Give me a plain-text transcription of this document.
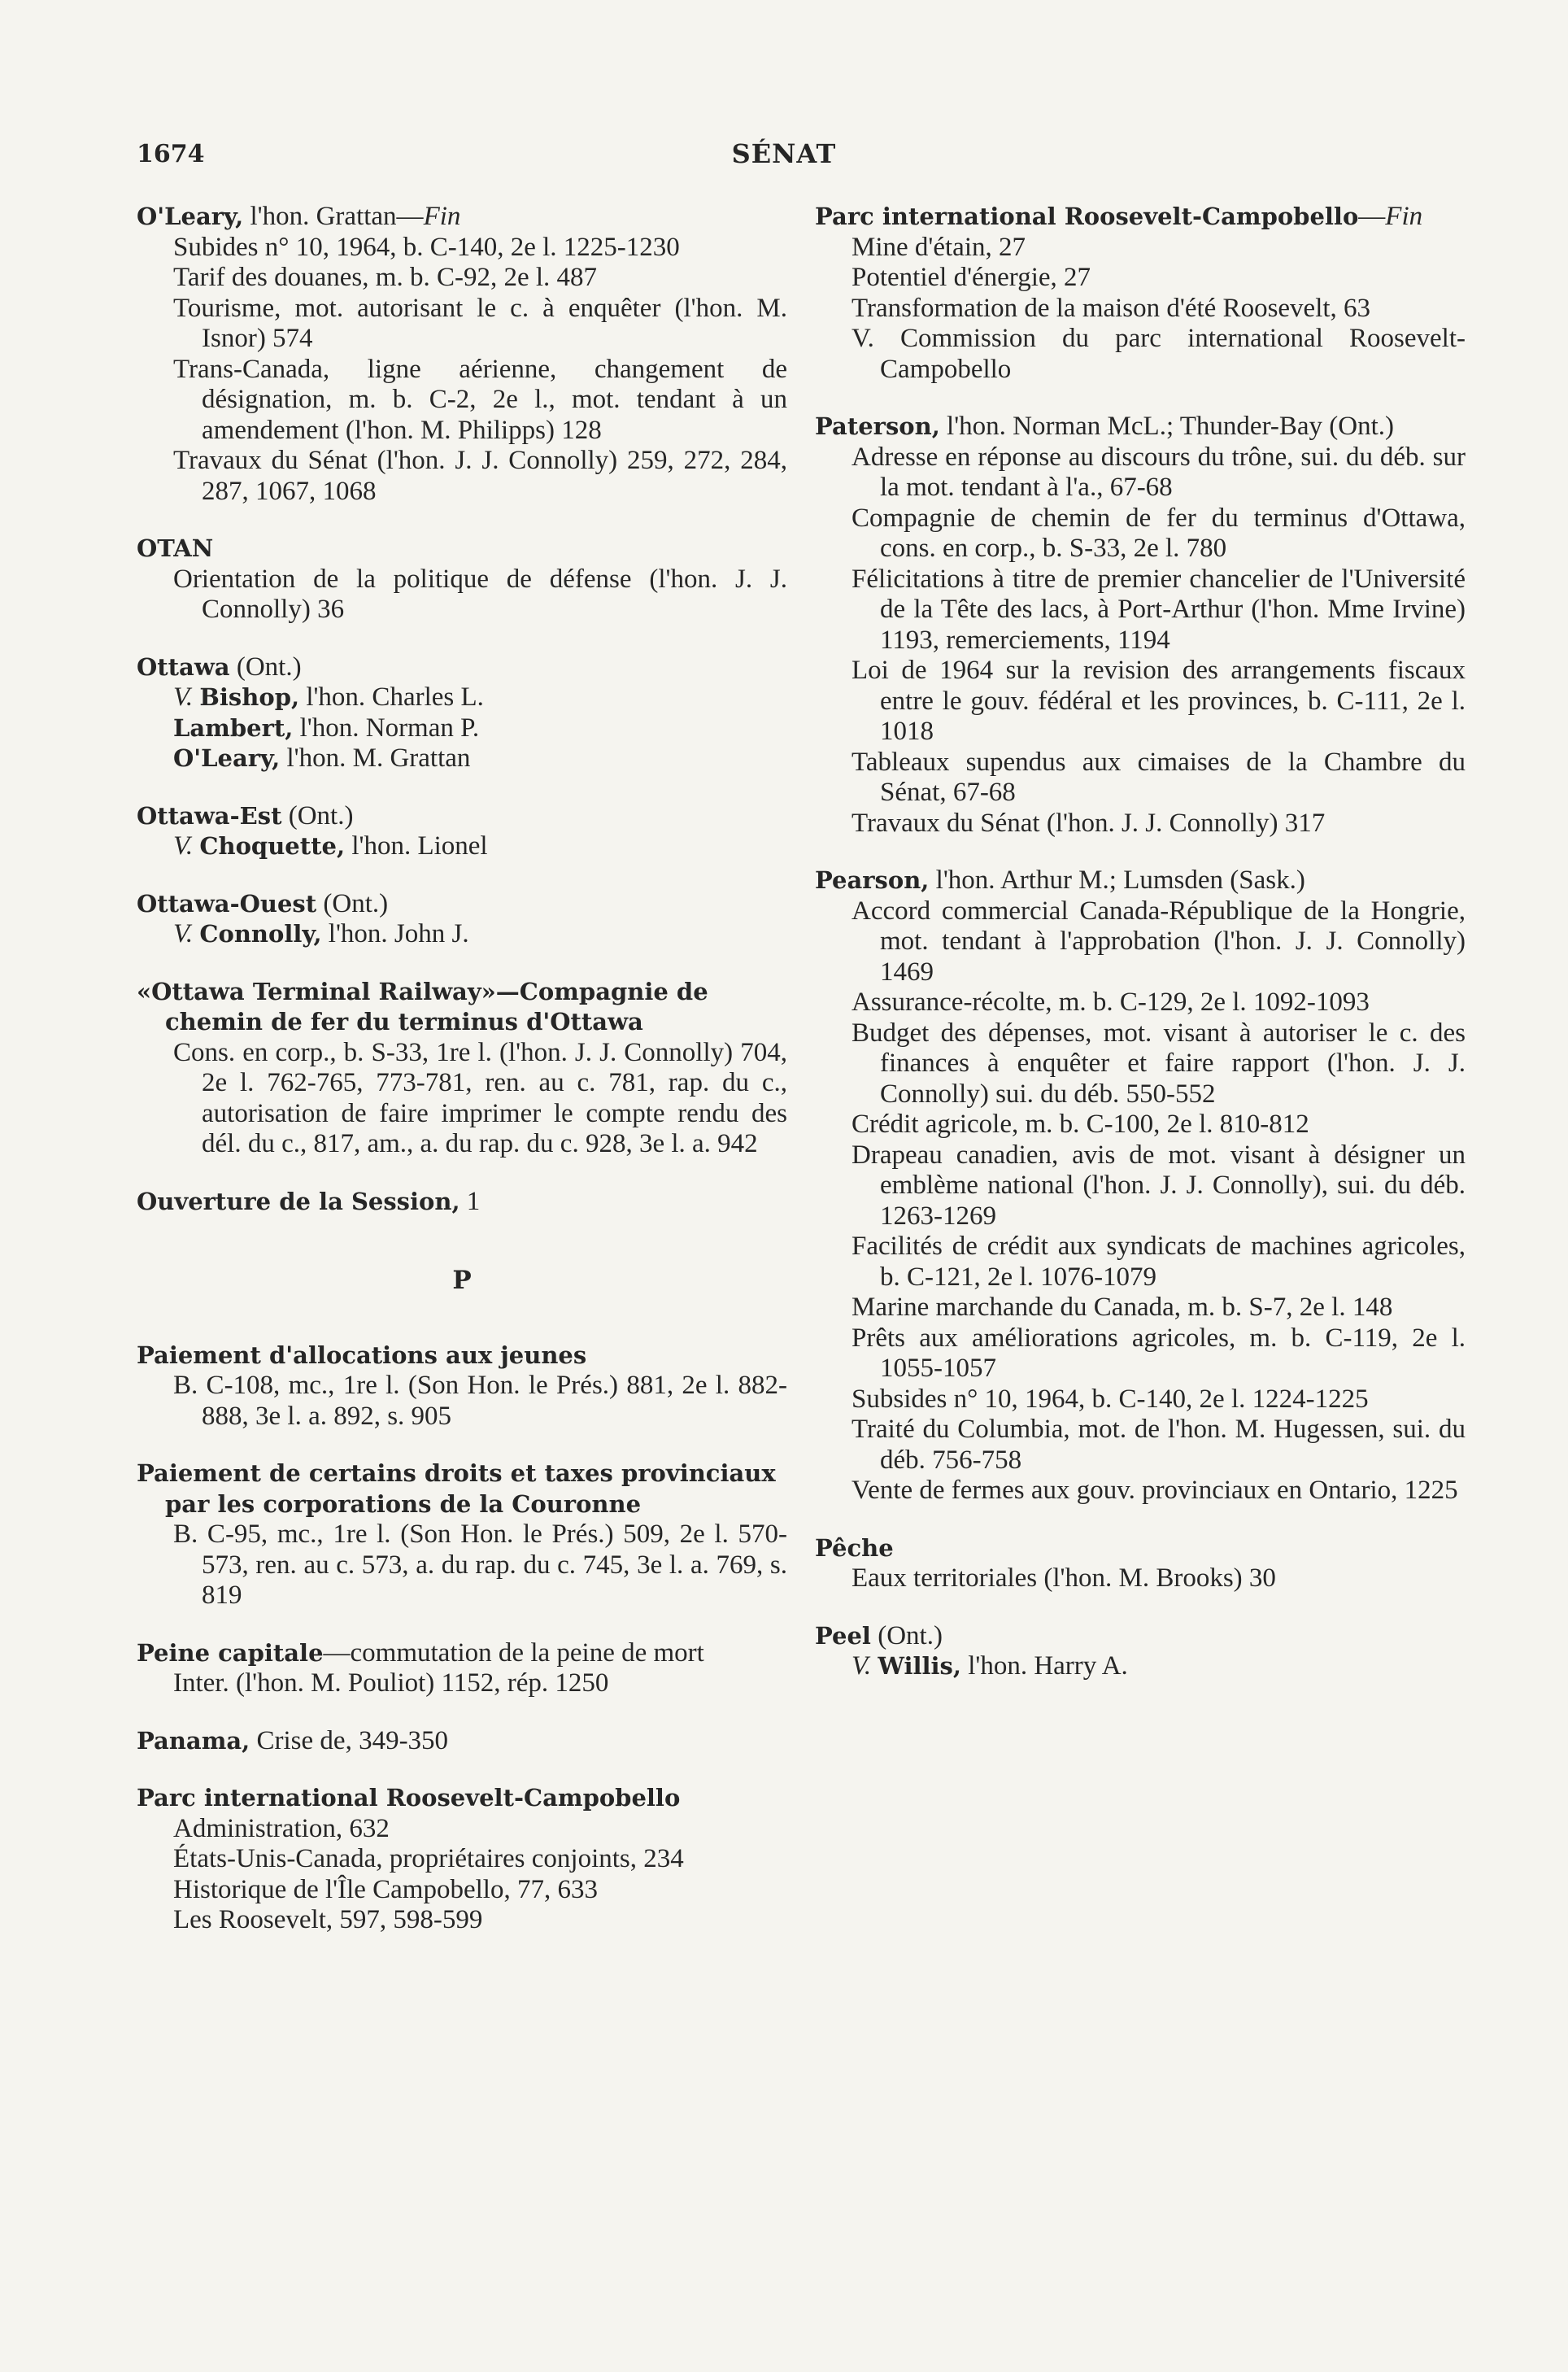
1674	SÉNAT
O'Leary, l'hon. Grattan—Fin
Subides n° 10, 1964, b. C-140, 2e l. 1225-1230
Tarif des douanes, m. b. C-92, 2e l. 487
Tourisme, mot. autorisant le c. à enquêter (l'hon. M. Isnor) 574
Trans-Canada, ligne aérienne, changement de désignation, m. b. C-2, 2e l., mot. tendant à un amendement (l'hon. M. Philipps) 128
Travaux du Sénat (l'hon. J. J. Connolly) 259, 272, 284, 287, 1067, 1068
OTAN
Orientation de la politique de défense (l'hon. J. J. Connolly) 36
Ottawa (Ont.)
V. Bishop, l'hon. Charles L.
Lambert, l'hon. Norman P.
O'Leary, l'hon. M. Grattan
Ottawa-Est (Ont.)
V. Choquette, l'hon. Lionel
Ottawa-Ouest (Ont.)
V. Connolly, l'hon. John J.
«Ottawa Terminal Railway»—Compagnie de chemin de fer du terminus d'Ottawa
Cons. en corp., b. S-33, 1re l. (l'hon. J. J. Connolly) 704, 2e l. 762-765, 773-781, ren. au c. 781, rap. du c., autorisation de faire imprimer le compte rendu des dél. du c., 817, am., a. du rap. du c. 928, 3e l. a. 942
Ouverture de la Session, 1
P
Paiement d'allocations aux jeunes
B. C-108, mc., 1re l. (Son Hon. le Prés.) 881, 2e l. 882-888, 3e l. a. 892, s. 905
Paiement de certains droits et taxes provinciaux par les corporations de la Couronne
B. C-95, mc., 1re l. (Son Hon. le Prés.) 509, 2e l. 570-573, ren. au c. 573, a. du rap. du c. 745, 3e l. a. 769, s. 819
Peine capitale—commutation de la peine de mort
Inter. (l'hon. M. Pouliot) 1152, rép. 1250
Panama, Crise de, 349-350
Parc international Roosevelt-Campobello
Administration, 632
États-Unis-Canada, propriétaires conjoints, 234
Historique de l'Île Campobello, 77, 633
Les Roosevelt, 597, 598-599
Parc international Roosevelt-Campobello—Fin
Mine d'étain, 27
Potentiel d'énergie, 27
Transformation de la maison d'été Roosevelt, 63
V. Commission du parc international Roosevelt-Campobello
Paterson, l'hon. Norman McL.; Thunder-Bay (Ont.)
Adresse en réponse au discours du trône, sui. du déb. sur la mot. tendant à l'a., 67-68
Compagnie de chemin de fer du terminus d'Ottawa, cons. en corp., b. S-33, 2e l. 780
Félicitations à titre de premier chancelier de l'Université de la Tête des lacs, à Port-Arthur (l'hon. Mme Irvine) 1193, remerciements, 1194
Loi de 1964 sur la revision des arrangements fiscaux entre le gouv. fédéral et les provinces, b. C-111, 2e l. 1018
Tableaux supendus aux cimaises de la Chambre du Sénat, 67-68
Travaux du Sénat (l'hon. J. J. Connolly) 317
Pearson, l'hon. Arthur M.; Lumsden (Sask.)
Accord commercial Canada-République de la Hongrie, mot. tendant à l'approbation (l'hon. J. J. Connolly) 1469
Assurance-récolte, m. b. C-129, 2e l. 1092-1093
Budget des dépenses, mot. visant à autoriser le c. des finances à enquêter et faire rapport (l'hon. J. J. Connolly) sui. du déb. 550-552
Crédit agricole, m. b. C-100, 2e l. 810-812
Drapeau canadien, avis de mot. visant à désigner un emblème national (l'hon. J. J. Connolly), sui. du déb. 1263-1269
Facilités de crédit aux syndicats de machines agricoles, b. C-121, 2e l. 1076-1079
Marine marchande du Canada, m. b. S-7, 2e l. 148
Prêts aux améliorations agricoles, m. b. C-119, 2e l. 1055-1057
Subsides n° 10, 1964, b. C-140, 2e l. 1224-1225
Traité du Columbia, mot. de l'hon. M. Hugessen, sui. du déb. 756-758
Vente de fermes aux gouv. provinciaux en Ontario, 1225
Pêche
Eaux territoriales (l'hon. M. Brooks) 30
Peel (Ont.)
V. Willis, l'hon. Harry A.
